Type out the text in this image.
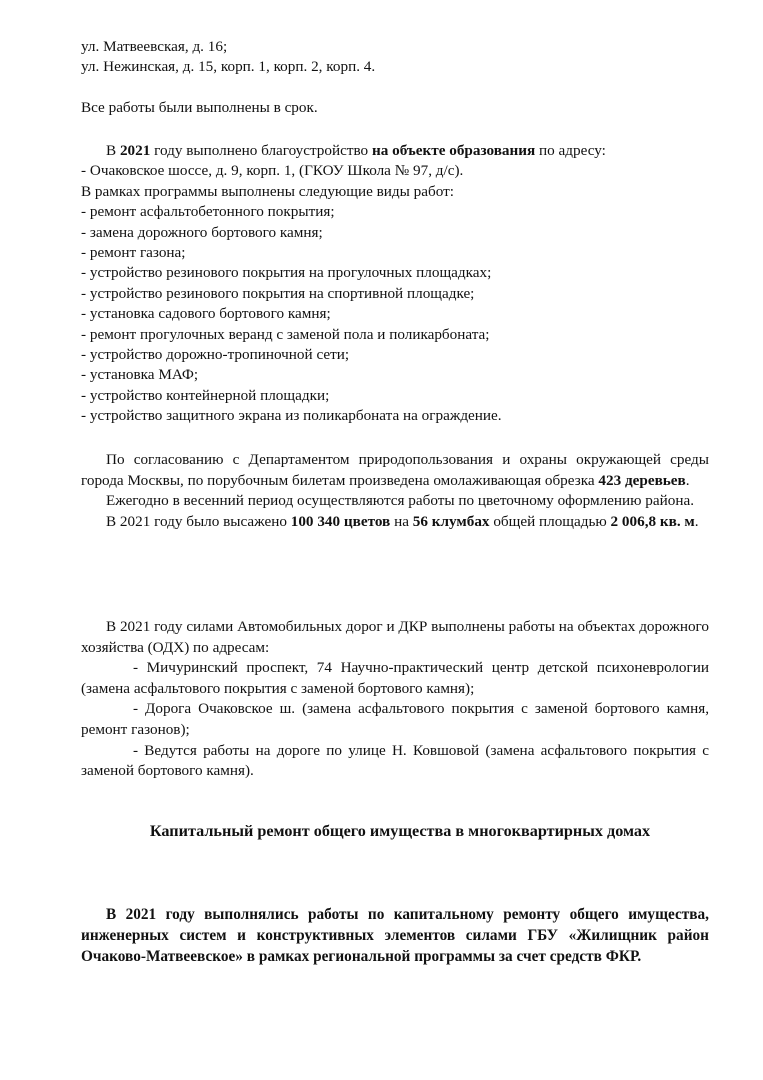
ул. Матвеевская, д. 16;
ул. Нежинская, д. 15, корп. 1, корп. 2, корп. 4.
Все работы были выполнены в срок.
В 2021 году выполнено благоустройство на объекте образования по адресу:
- Очаковское шоссе, д. 9, корп. 1, (ГКОУ Школа № 97, д/с).
В рамках программы выполнены следующие виды работ:
- ремонт асфальтобетонного покрытия;
- замена дорожного бортового камня;
- ремонт газона;
- устройство резинового покрытия на прогулочных площадках;
- устройство резинового покрытия на спортивной площадке;
- установка садового бортового камня;
- ремонт прогулочных веранд с заменой пола и поликарбоната;
- устройство дорожно-тропиночной сети;
- установка МАФ;
- устройство контейнерной площадки;
- устройство защитного экрана из поликарбоната на ограждение.
По согласованию с Департаментом природопользования и охраны окружающей среды города Москвы, по порубочным билетам произведена омолаживающая обрезка 423 деревьев.
Ежегодно в весенний период осуществляются работы по цветочному оформлению района.
В 2021 году было высажено 100 340 цветов на 56 клумбах общей площадью 2 006,8 кв. м.
В 2021 году силами Автомобильных дорог и ДКР выполнены работы на объектах дорожного хозяйства (ОДХ) по адресам:
- Мичуринский проспект, 74 Научно-практический центр детской психоневрологии (замена асфальтового покрытия с заменой бортового камня);
- Дорога Очаковское ш. (замена асфальтового покрытия с заменой бортового камня, ремонт газонов);
- Ведутся работы на дороге по улице Н. Ковшовой (замена асфальтового покрытия с заменой бортового камня).
Капитальный ремонт общего имущества в многоквартирных домах
В 2021 году выполнялись работы по капитальному ремонту общего имущества, инженерных систем и конструктивных элементов силами ГБУ «Жилищник район Очаково-Матвеевское» в рамках региональной программы за счет средств ФКР.
